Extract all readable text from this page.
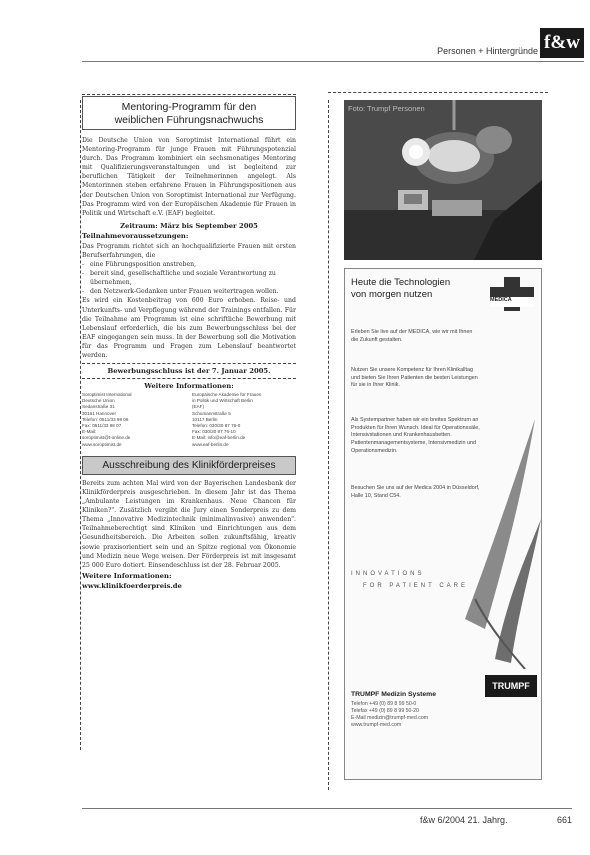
Personen + Hintergründe f&w
Mentoring-Programm für den
weiblichen Führungsnachwuchs

Die Deutsche Union von Soroptimist International führt ein Mentoring-Programm für junge Frauen mit Führungspotenzial durch. Das Programm kombiniert ein sechsmonatiges Mentoring mit Qualifizierungsveranstaltungen und ist begleitend zur beruflichen Tätigkeit der Teilnehmerinnen angelegt. Als Mentorinnen stehen erfahrene Frauen in Führungspositionen aus der Deutschen Union von Soroptimist International zur Verfügung. Das Programm wird von der Europäischen Akademie für Frauen in Politik und Wirtschaft e.V. (EAF) begleitet.

Zeitraum: März bis September 2005
Teilnahmevoraussetzungen:

Das Programm richtet sich an hochqualifizierte Frauen mit ersten Berufserfahrungen, die

- eine Führungsposition anstreben,
- bereit sind, gesellschaftliche und soziale Verantwortung zu übernehmen,
- den Netzwerk-Gedanken unter Frauen weitertragen wollen.

Es wird ein Kostenbeitrag von 600 Euro erhoben. Reise- und Unterkunfts- und Verpflegung während der Trainings entfallen. Für die Teilnahme am Programm ist eine schriftliche Bewerbung mit Lebenslauf erforderlich, die bis zum Bewerbungsschluss bei der EAF eingegangen sein muss. In der Bewerbung soll die Motivation für das Programm und Fragen zum Lebenslauf beantwortet werden.

Bewerbungsschluss ist der 7. Januar 2005.
Weitere Informationen:
Soroptimist International
Deutsche Union
Sedanstraße 31
30161 Hannover
Telefon: 0511/33 98 06
Fax: 0511/33 98 07
E-Mail:
soroptimist@t-online.de
www.soroptimist.de
Europäische Akademie für Frauen
in Politik und Wirtschaft Berlin
(EAF)
Schumannstraße 5
10117 Berlin
Telefon: 030/30 87 76-0
Fax: 030/30 87 76-10
E-Mail: info@eaf-berlin.de
www.eaf-berlin.de
Ausschreibung des Klinikförderpreises

Bereits zum achten Mal wird von der Bayerischen Landesbank der Klinikförderpreis ausgeschrieben. In diesem Jahr ist das Thema „Ambulante Leistungen im Krankenhaus. Neue Chancen für Kliniken?". Zusätzlich vergibt die Jury einen Sonderpreis zu dem Thema „Innovative Medizintechnik (minimalinvasive) anwenden". Teilnahmeberechtigt sind Kliniken und Einrichtungen aus dem Gesundheitsbereich. Die Arbeiten sollen zukunftsfähig, kreativ sowie praxisorientiert sein und an Spitze regional von Ökonomie und Medizin neue Wege weisen. Der Förderpreis ist mit insgesamt 25 000 Euro dotiert. Einsendeschluss ist der 28. Februar 2005.

Weitere Informationen:
www.klinikfoerderpreis.de
Foto: Trumpf Personen
Heute die Technologien
von morgen nutzen
MEDICA
Erleben Sie live auf der MEDICA, wie wir mit Ihnen die Zukunft gestalten.
Nutzen Sie unsere Kompetenz für Ihren Klinikalltag und bieten Sie Ihren Patienten die besten Leistungen für sie in Ihrer Klinik.
Als Systempartner haben wir ein breites Spektrum an Produkten für Ihren Wunsch. Ideal für Operationssäle, Intensivstationen und Krankenhausbetten. Patientenmanagementsysteme, Intensivmedizin und Operationsmedizin.
Besuchen Sie uns auf der Medica 2004 in Düsseldorf, Halle 10, Stand C54.
INNOVATIONS
FOR PATIENT CARE
TRUMPF
TRUMPF Medizin Systeme
Telefon +49 (0) 89 8 99 50-0
Telefax +49 (0) 89 8 99 50-20
E-Mail medizin@trumpf-med.com
www.trumpf-med.com
f&w 6/2004 21. Jahrg.	661
